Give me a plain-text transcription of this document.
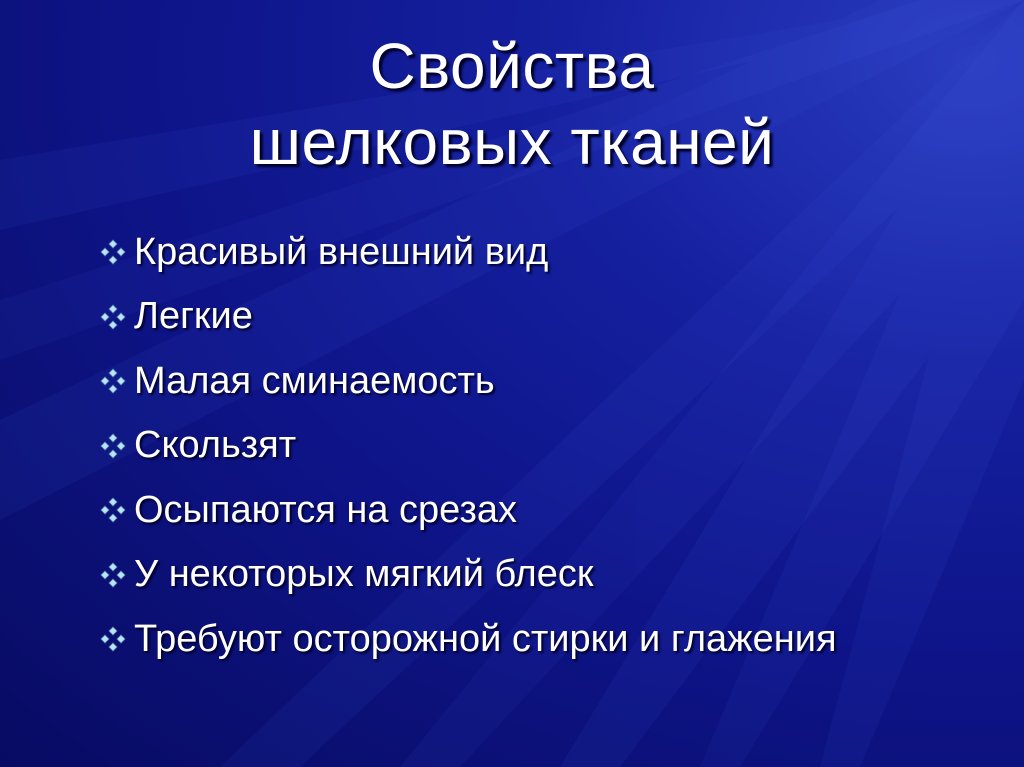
Свойства
шелковых тканей
Красивый внешний вид
Легкие
Малая сминаемость
Скользят
Осыпаются на срезах
У некоторых мягкий блеск
Требуют осторожной стирки и глажения
